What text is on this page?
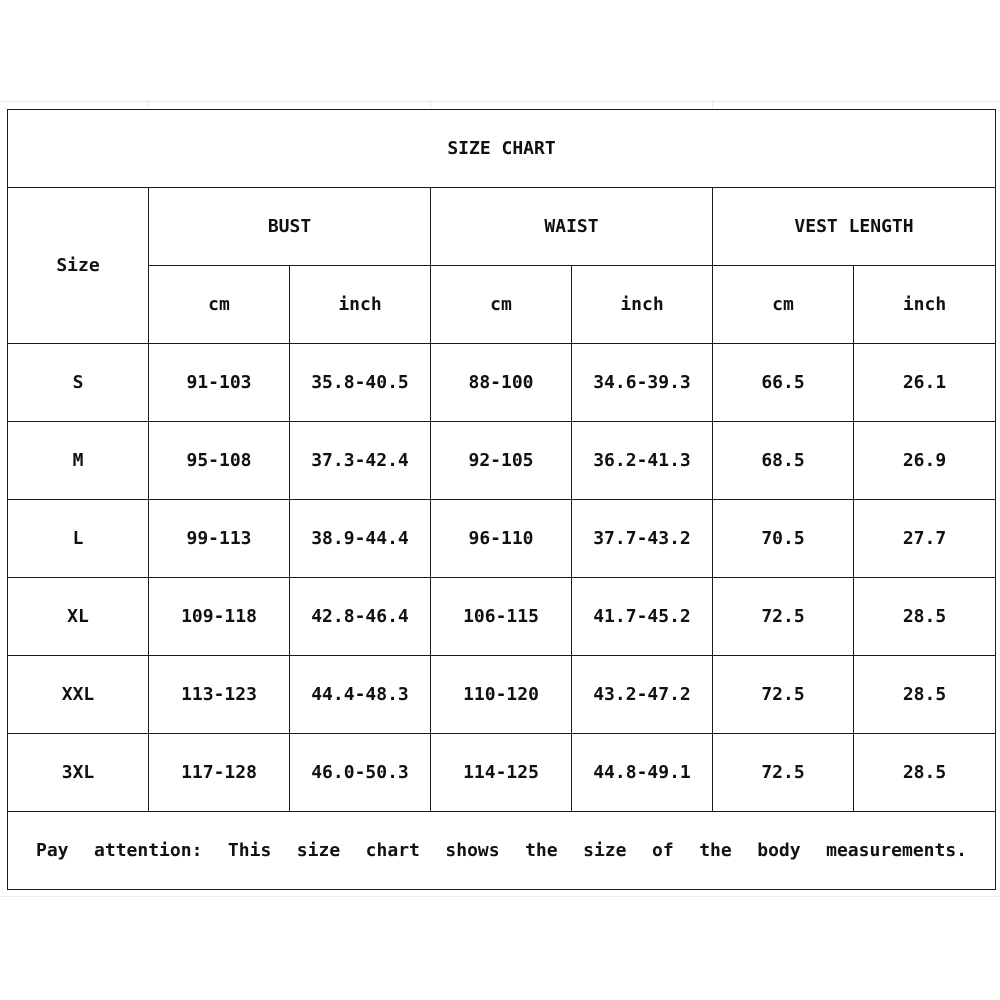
SIZE CHART						
Size	BUST		WAIST		VEST LENGTH	
	cm	inch	cm	inch	cm	inch
S	91-103	35.8-40.5	88-100	34.6-39.3	66.5	26.1
M	95-108	37.3-42.4	92-105	36.2-41.3	68.5	26.9
L	99-113	38.9-44.4	96-110	37.7-43.2	70.5	27.7
XL	109-118	42.8-46.4	106-115	41.7-45.2	72.5	28.5
XXL	113-123	44.4-48.3	110-120	43.2-47.2	72.5	28.5
3XL	117-128	46.0-50.3	114-125	44.8-49.1	72.5	28.5

Pay attention: This size chart shows the size of the body measurements.						
